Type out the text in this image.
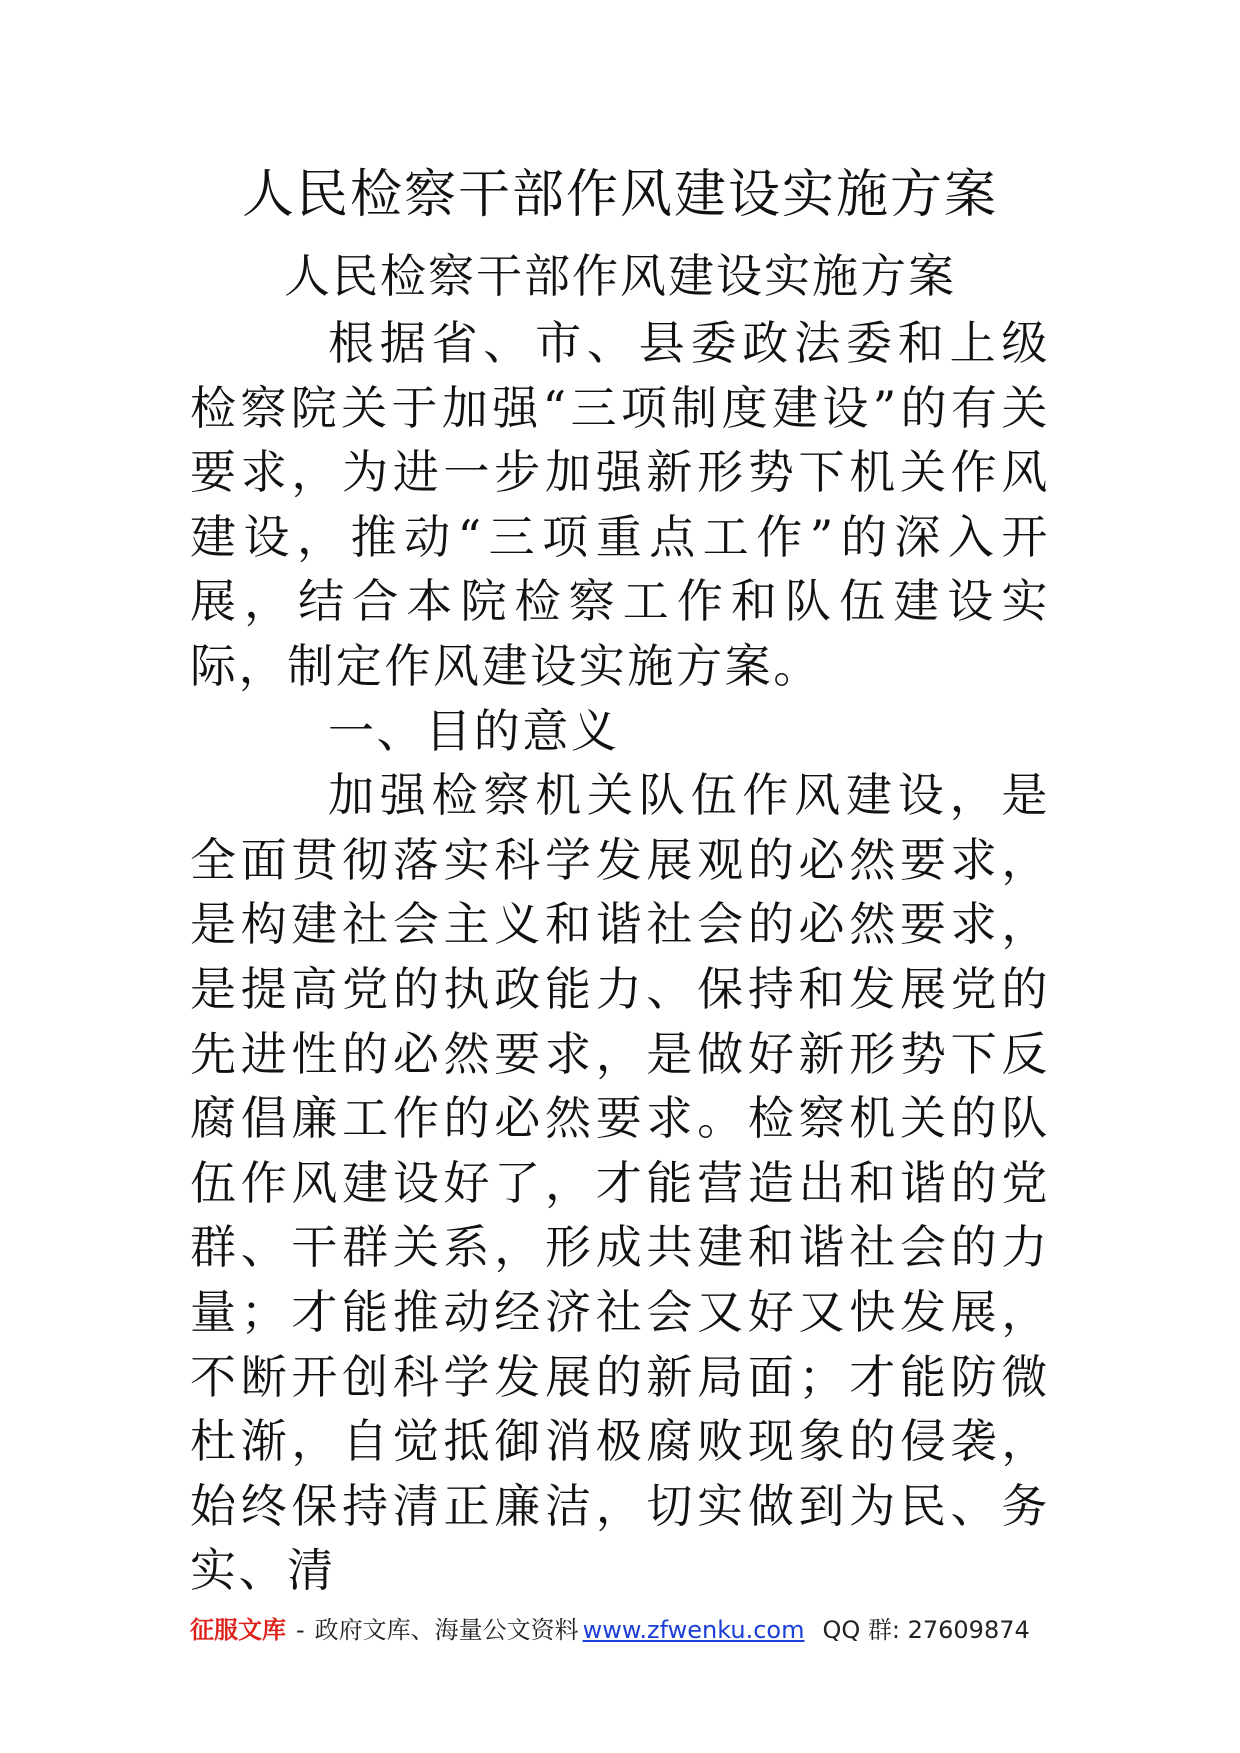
人民检察干部作风建设实施方案
人民检察干部作风建设实施方案

根据省、市、县委政法委和上级检察院关于加强“三项制度建设”的有关要求，为进一步加强新形势下机关作风建设，推动“三项重点工作”的深入开展，结合本院检察工作和队伍建设实际，制定作风建设实施方案。

一、目的意义

加强检察机关队伍作风建设，是全面贯彻落实科学发展观的必然要求，是构建社会主义和谐社会的必然要求，是提高党的执政能力、保持和发展党的先进性的必然要求，是做好新形势下反腐倡廉工作的必然要求。检察机关的队伍作风建设好了，才能营造出和谐的党群、干群关系，形成共建和谐社会的力量；才能推动经济社会又好又快发展，不断开创科学发展的新局面；才能防微杜渐，自觉抵御消极腐败现象的侵袭，始终保持清正廉洁，切实做到为民、务实、清

征服文库 - 政府文库、海量公文资料 www.zfwenku.com QQ 群: 27609874
